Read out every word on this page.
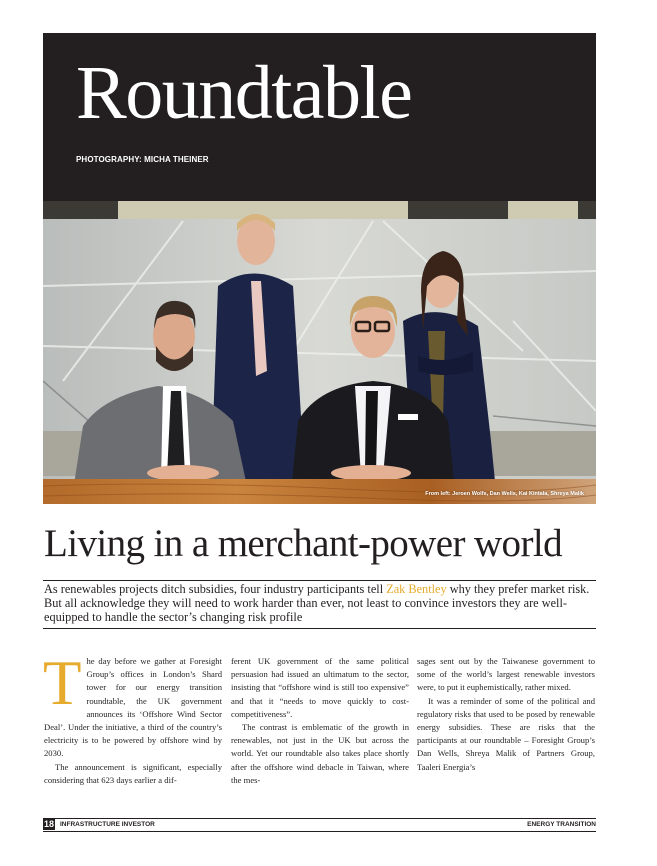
Roundtable
PHOTOGRAPHY: MICHA THEINER
From left: Jeroen Wolfs, Dan Wells, Kai Kintala, Shreya Malik
Living in a merchant-power world
As renewables projects ditch subsidies, four industry participants tell Zak Bentley why they prefer market risk. But all acknowledge they will need to work harder than ever, not least to convince investors they are well-equipped to handle the sector’s changing risk profile

The day before we gather at Foresight Group’s offices in London’s Shard tower for our energy transition roundtable, the UK government announces its ‘Offshore Wind Sector Deal’. Under the initiative, a third of the country’s electricity is to be powered by offshore wind by 2030.

The announcement is significant, especially considering that 623 days earlier a dif-

ferent UK government of the same political persuasion had issued an ultimatum to the sector, insisting that “offshore wind is still too expensive” and that it “needs to move quickly to cost-competitiveness”.

The contrast is emblematic of the growth in renewables, not just in the UK but across the world. Yet our roundtable also takes place shortly after the offshore wind debacle in Taiwan, where the mes-

sages sent out by the Taiwanese government to some of the world’s largest renewable investors were, to put it euphemistically, rather mixed.

It was a reminder of some of the political and regulatory risks that used to be posed by renewable energy subsidies. These are risks that the participants at our roundtable – Foresight Group’s Dan Wells, Shreya Malik of Partners Group, Taaleri Energia’s

18 INFRASTRUCTURE INVESTOR	ENERGY TRANSITION
